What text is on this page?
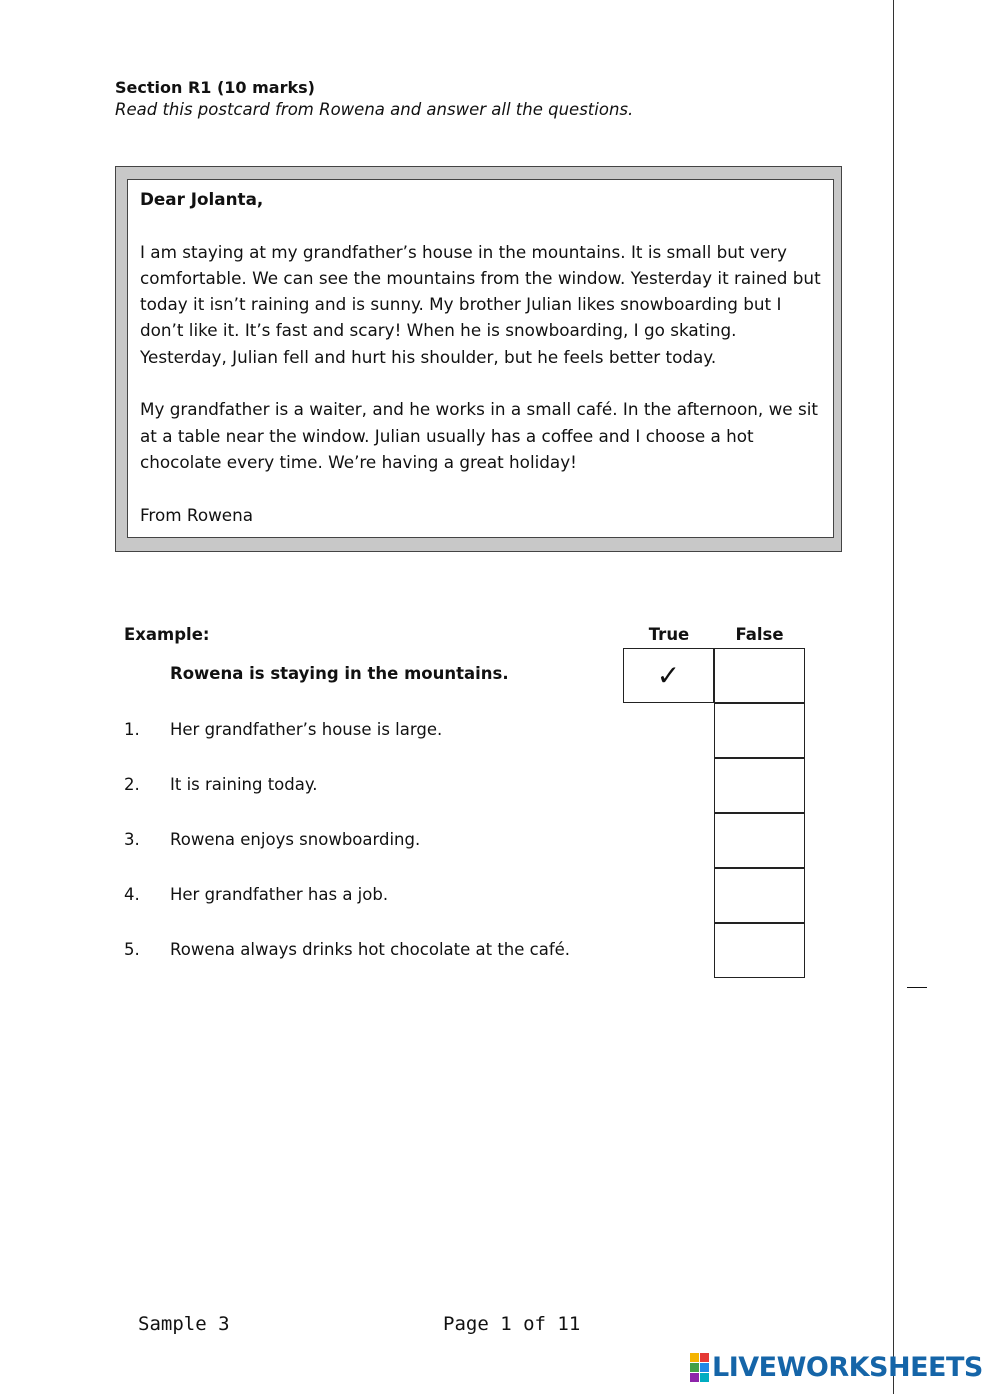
Section R1 (10 marks)
Read this postcard from Rowena and answer all the questions.

Dear Jolanta,

I am staying at my grandfather’s house in the mountains. It is small but very comfortable. We can see the mountains from the window. Yesterday it rained but today it isn’t raining and is sunny. My brother Julian likes snowboarding but I don’t like it. It’s fast and scary! When he is snowboarding, I go skating. Yesterday, Julian fell and hurt his shoulder, but he feels better today.

My grandfather is a waiter, and he works in a small café. In the afternoon, we sit at a table near the window. Julian usually has a coffee and I choose a hot chocolate every time. We’re having a great holiday!

From Rowena

Example:	True	False
Rowena is staying in the mountains.	✓
1. Her grandfather’s house is large.
2. It is raining today.
3. Rowena enjoys snowboarding.
4. Her grandfather has a job.
5. Rowena always drinks hot chocolate at the café.
Sample 3	Page 1 of 11
LIVEWORKSHEETS
